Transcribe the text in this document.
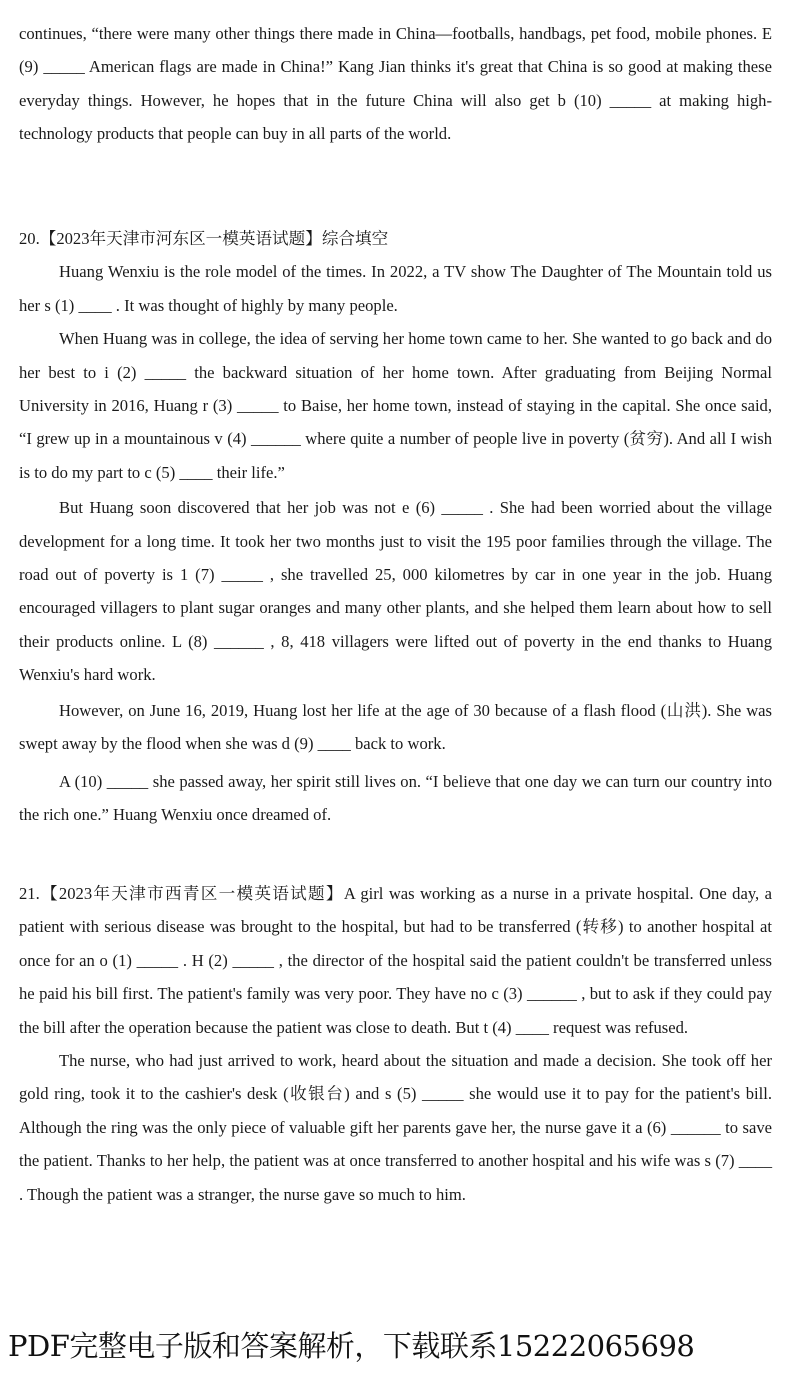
continues, “there were many other things there made in China—footballs, handbags, pet food, mobile phones. E (9) _____ American flags are made in China!” Kang Jian thinks it's great that China is so good at making these everyday things. However, he hopes that in the future China will also get b (10) _____ at making high-technology products that people can buy in all parts of the world.

20.【2023年天津市河东区一模英语试题】综合填空

Huang Wenxiu is the role model of the times. In 2022, a TV show The Daughter of The Mountain told us her s (1) ____ . It was thought of highly by many people.

When Huang was in college, the idea of serving her home town came to her. She wanted to go back and do her best to i (2) _____ the backward situation of her home town. After graduating from Beijing Normal University in 2016, Huang r (3) _____ to Baise, her home town, instead of staying in the capital. She once said, “I grew up in a mountainous v (4) ______ where quite a number of people live in poverty (贫穷). And all I wish is to do my part to c (5) ____ their life.”

But Huang soon discovered that her job was not e (6) _____ . She had been worried about the village development for a long time. It took her two months just to visit the 195 poor families through the village. The road out of poverty is 1 (7) _____ , she travelled 25, 000 kilometres by car in one year in the job. Huang encouraged villagers to plant sugar oranges and many other plants, and she helped them learn about how to sell their products online. L (8) ______ , 8, 418 villagers were lifted out of poverty in the end thanks to Huang Wenxiu's hard work.

However, on June 16, 2019, Huang lost her life at the age of 30 because of a flash flood (山洪). She was swept away by the flood when she was d (9) ____ back to work.

A (10) _____ she passed away, her spirit still lives on. “I believe that one day we can turn our country into the rich one.” Huang Wenxiu once dreamed of.

21.【2023年天津市西青区一模英语试题】A girl was working as a nurse in a private hospital. One day, a patient with serious disease was brought to the hospital, but had to be transferred (转移) to another hospital at once for an o (1) _____ . H (2) _____ , the director of the hospital said the patient couldn't be transferred unless he paid his bill first. The patient's family was very poor. They have no c (3) ______ , but to ask if they could pay the bill after the operation because the patient was close to death. But t (4) ____ request was refused.

The nurse, who had just arrived to work, heard about the situation and made a decision. She took off her gold ring, took it to the cashier's desk (收银台) and s (5) _____ she would use it to pay for the patient's bill. Although the ring was the only piece of valuable gift her parents gave her, the nurse gave it a (6) ______ to save the patient. Thanks to her help, the patient was at once transferred to another hospital and his wife was s (7) ____ . Though the patient was a stranger, the nurse gave so much to him.

PDF完整电子版和答案解析，下载联系15222065698
